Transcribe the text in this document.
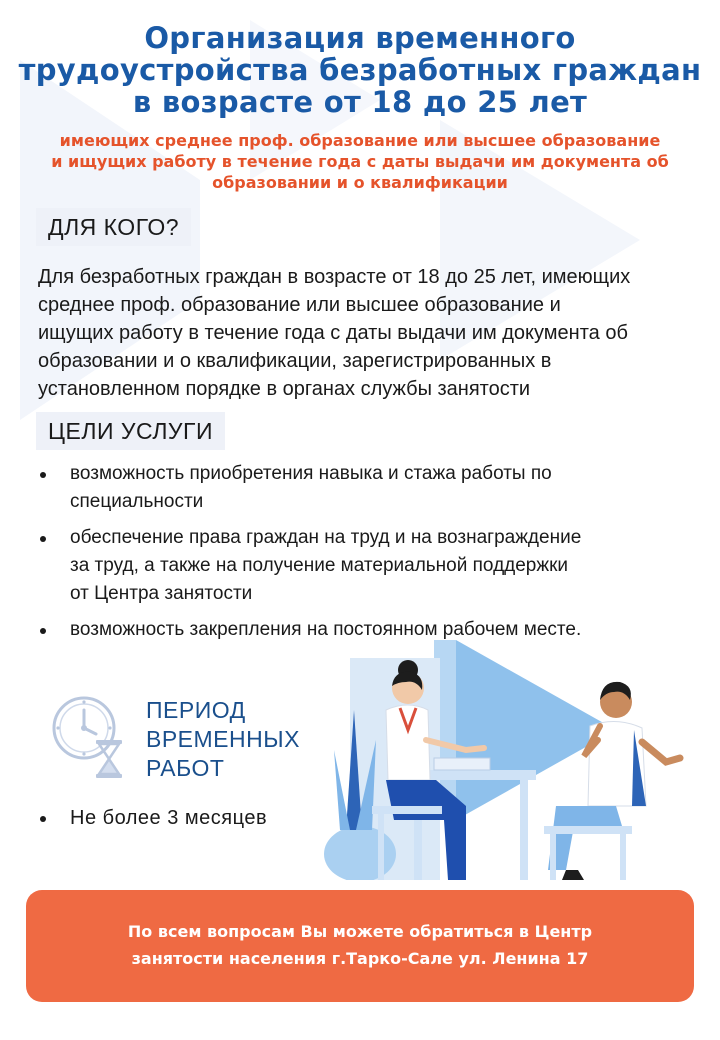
Организация временного
трудоустройства безработных граждан
в возрасте от 18 до 25 лет
имеющих среднее проф. образование или высшее образование
и ищущих работу в течение года с даты выдачи им документа об
образовании и о квалификации
ДЛЯ КОГО?
Для безработных граждан в возрасте от 18 до 25 лет, имеющих
среднее проф. образование или высшее образование и
ищущих работу в течение года с даты выдачи им документа об
образовании и о квалификации, зарегистрированных в
установленном порядке в органах службы занятости
ЦЕЛИ УСЛУГИ
возможность приобретения навыка и стажа работы по
специальности
обеспечение права граждан на труд и на вознаграждение
за труд, а также на получение материальной поддержки
от Центра занятости
возможность закрепления на постоянном рабочем месте.
ПЕРИОД
ВРЕМЕННЫХ
РАБОТ
Не более 3 месяцев
По всем вопросам Вы можете обратиться в Центр
занятости населения г.Тарко-Сале ул. Ленина 17
